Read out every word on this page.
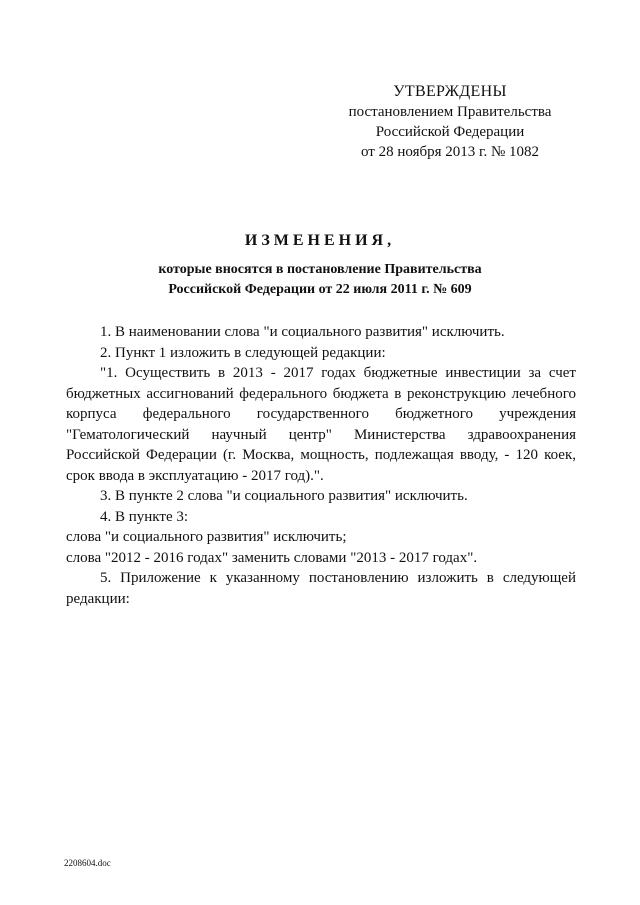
УТВЕРЖДЕНЫ
постановлением Правительства
Российской Федерации
от 28 ноября 2013 г. № 1082
ИЗМЕНЕНИЯ,
которые вносятся в постановление Правительства
Российской Федерации от 22 июля 2011 г. № 609

1. В наименовании слова "и социального развития" исключить.

2. Пункт 1 изложить в следующей редакции:

"1. Осуществить в 2013 - 2017 годах бюджетные инвестиции за счет бюджетных ассигнований федерального бюджета в реконструкцию лечебного корпуса федерального государственного бюджетного учреждения "Гематологический научный центр" Министерства здравоохранения Российской Федерации (г. Москва, мощность, подлежащая вводу, - 120 коек, срок ввода в эксплуатацию - 2017 год).".

3. В пункте 2 слова "и социального развития" исключить.

4. В пункте 3:

слова "и социального развития" исключить;

слова "2012 - 2016 годах" заменить словами "2013 - 2017 годах".

5. Приложение к указанному постановлению изложить в следующей редакции:

2208604.doc
